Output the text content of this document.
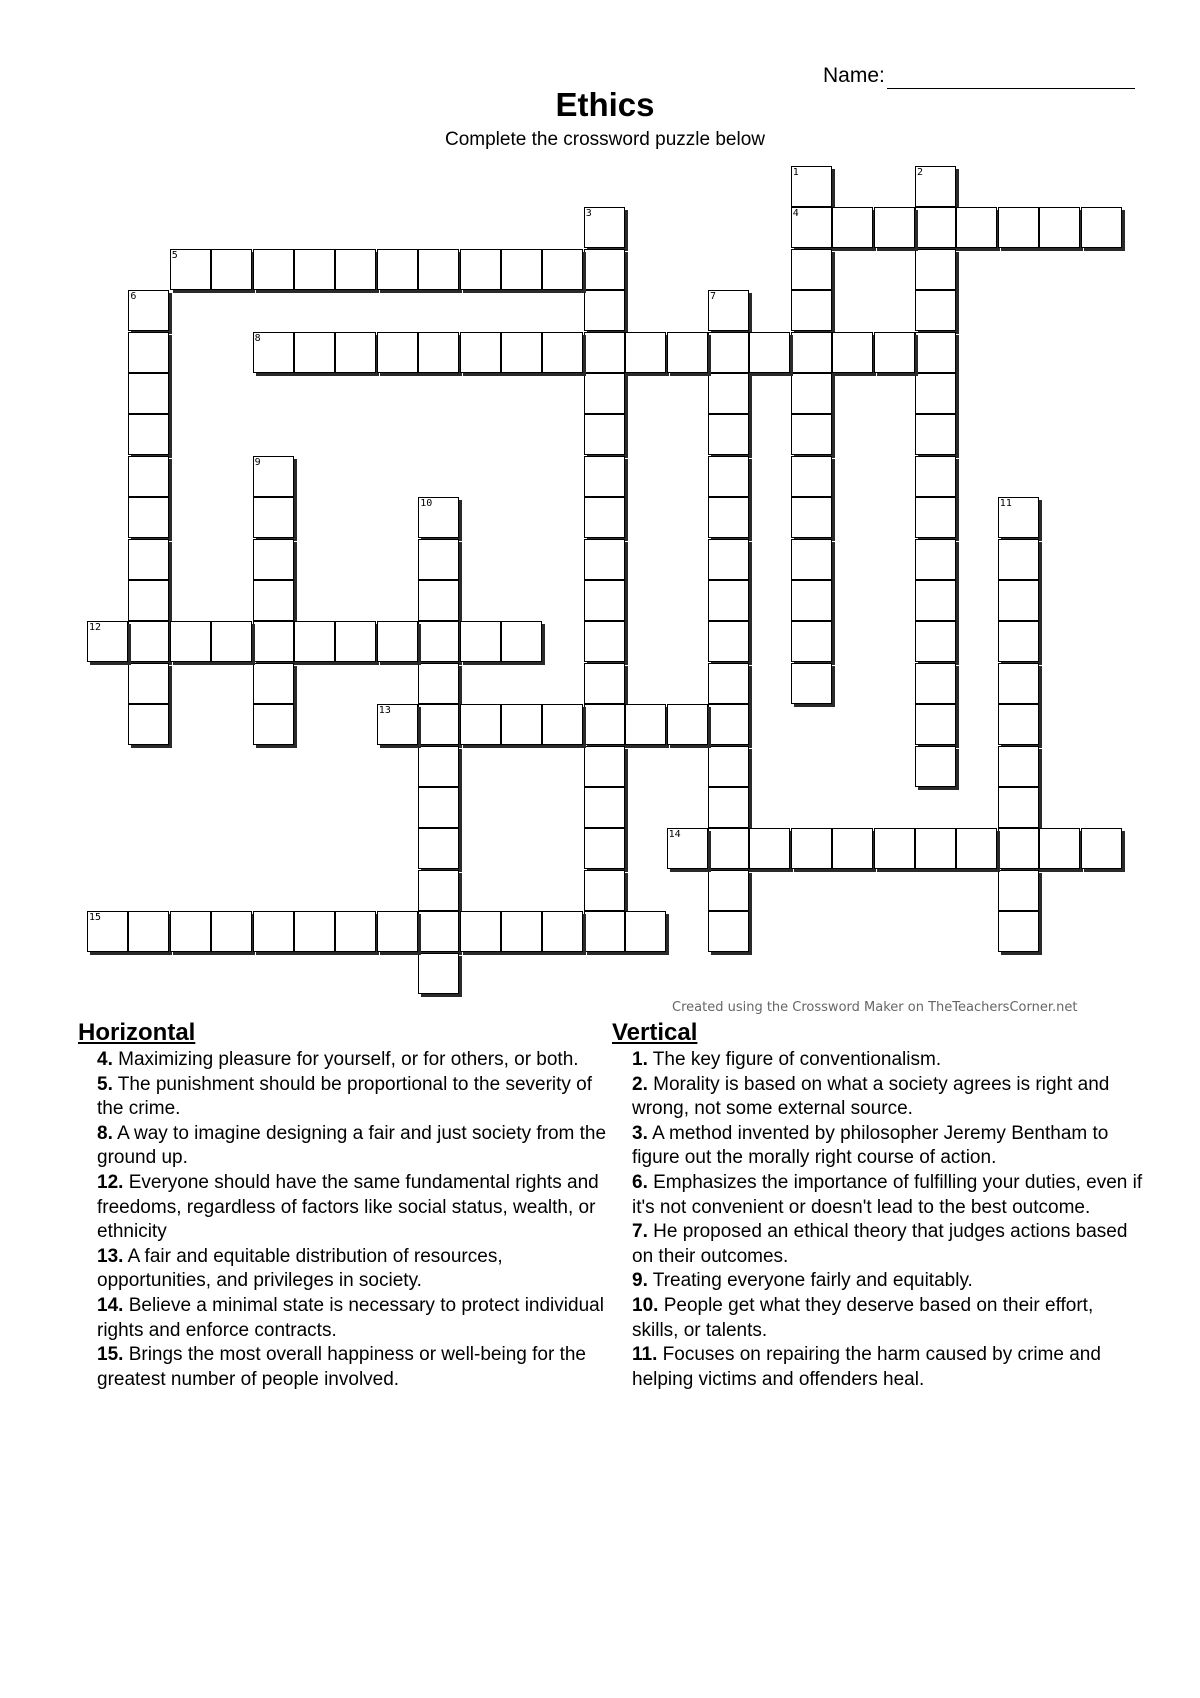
Name:
Ethics
Complete the crossword puzzle below
1
4
2
3
5
6	7
8
9
10	11
12
13
14
15
Created using the Crossword Maker on TheTeachersCorner.net
Horizontal

4. Maximizing pleasure for yourself, or for others, or both.

5. The punishment should be proportional to the severity of the crime.

8. A way to imagine designing a fair and just society from the ground up.

12. Everyone should have the same fundamental rights and freedoms, regardless of factors like social status, wealth, or ethnicity

13. A fair and equitable distribution of resources, opportunities, and privileges in society.

14. Believe a minimal state is necessary to protect individual rights and enforce contracts.

15. Brings the most overall happiness or well-being for the greatest number of people involved.

Vertical

1. The key figure of conventionalism.

2. Morality is based on what a society agrees is right and wrong, not some external source.

3. A method invented by philosopher Jeremy Bentham to figure out the morally right course of action.

6. Emphasizes the importance of fulfilling your duties, even if it's not convenient or doesn't lead to the best outcome.

7. He proposed an ethical theory that judges actions based on their outcomes.

9. Treating everyone fairly and equitably.

10. People get what they deserve based on their effort, skills, or talents.

11. Focuses on repairing the harm caused by crime and helping victims and offenders heal.
